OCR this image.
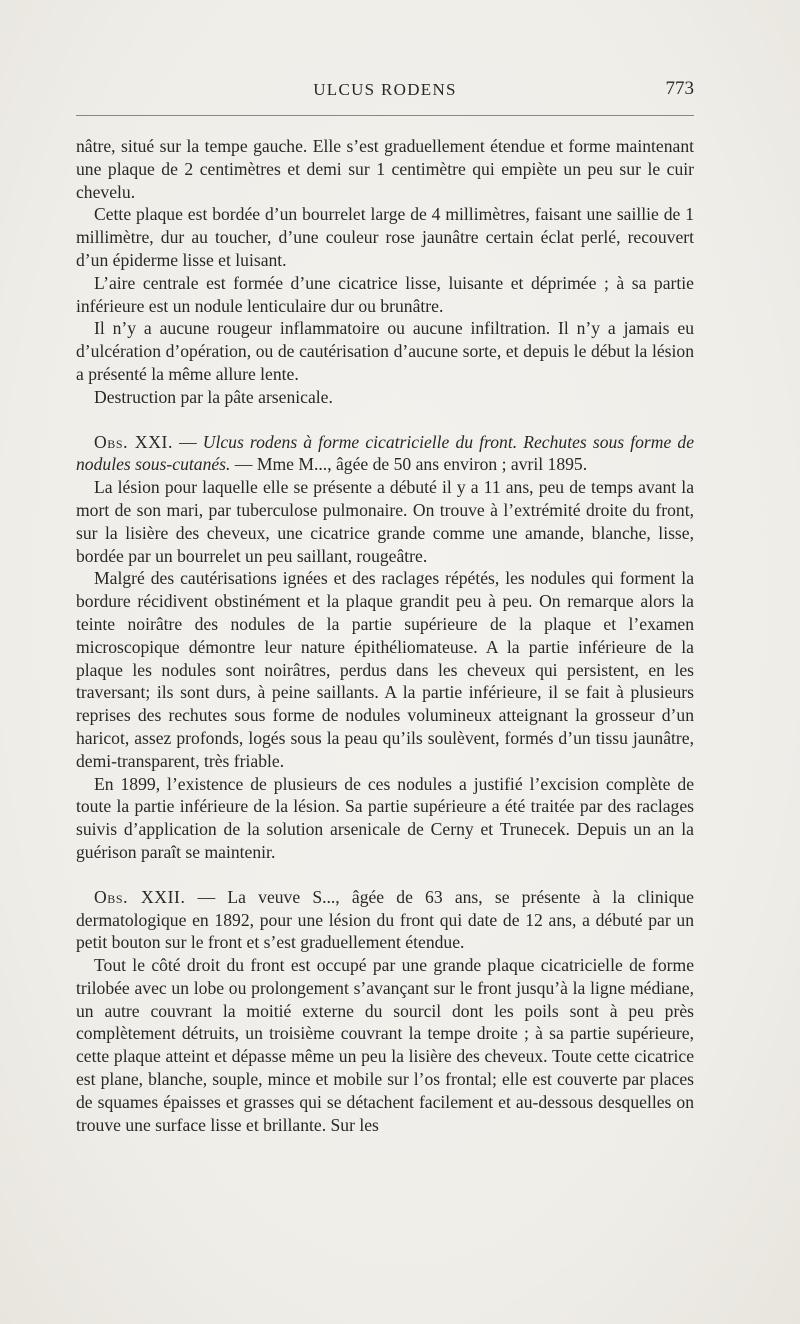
ULCUS RODENS	773

nâtre, situé sur la tempe gauche. Elle s’est graduellement étendue et forme maintenant une plaque de 2 centimètres et demi sur 1 centimètre qui empiète un peu sur le cuir chevelu.

Cette plaque est bordée d’un bourrelet large de 4 millimètres, faisant une saillie de 1 millimètre, dur au toucher, d’une couleur rose jaunâtre certain éclat perlé, recouvert d’un épiderme lisse et luisant.

L’aire centrale est formée d’une cicatrice lisse, luisante et déprimée ; à sa partie inférieure est un nodule lenticulaire dur ou brunâtre.

Il n’y a aucune rougeur inflammatoire ou aucune infiltration. Il n’y a jamais eu d’ulcération d’opération, ou de cautérisation d’aucune sorte, et depuis le début la lésion a présenté la même allure lente.

Destruction par la pâte arsenicale.

Obs. XXI. — Ulcus rodens à forme cicatricielle du front. Rechutes sous forme de nodules sous-cutanés. — Mme M..., âgée de 50 ans environ ; avril 1895.

La lésion pour laquelle elle se présente a débuté il y a 11 ans, peu de temps avant la mort de son mari, par tuberculose pulmonaire. On trouve à l’extrémité droite du front, sur la lisière des cheveux, une cicatrice grande comme une amande, blanche, lisse, bordée par un bourrelet un peu saillant, rougeâtre.

Malgré des cautérisations ignées et des raclages répétés, les nodules qui forment la bordure récidivent obstinément et la plaque grandit peu à peu. On remarque alors la teinte noirâtre des nodules de la partie supérieure de la plaque et l’examen microscopique démontre leur nature épithéliomateuse. A la partie inférieure de la plaque les nodules sont noirâtres, perdus dans les cheveux qui persistent, en les traversant; ils sont durs, à peine saillants. A la partie inférieure, il se fait à plusieurs reprises des rechutes sous forme de nodules volumineux atteignant la grosseur d’un haricot, assez profonds, logés sous la peau qu’ils soulèvent, formés d’un tissu jaunâtre, demi-transparent, très friable.

En 1899, l’existence de plusieurs de ces nodules a justifié l’excision complète de toute la partie inférieure de la lésion. Sa partie supérieure a été traitée par des raclages suivis d’application de la solution arsenicale de Cerny et Trunecek. Depuis un an la guérison paraît se maintenir.

Obs. XXII. — La veuve S..., âgée de 63 ans, se présente à la clinique dermatologique en 1892, pour une lésion du front qui date de 12 ans, a débuté par un petit bouton sur le front et s’est graduellement étendue.

Tout le côté droit du front est occupé par une grande plaque cicatricielle de forme trilobée avec un lobe ou prolongement s’avançant sur le front jusqu’à la ligne médiane, un autre couvrant la moitié externe du sourcil dont les poils sont à peu près complètement détruits, un troisième couvrant la tempe droite ; à sa partie supérieure, cette plaque atteint et dépasse même un peu la lisière des cheveux. Toute cette cicatrice est plane, blanche, souple, mince et mobile sur l’os frontal; elle est couverte par places de squames épaisses et grasses qui se détachent facilement et au-dessous desquelles on trouve une surface lisse et brillante. Sur les
